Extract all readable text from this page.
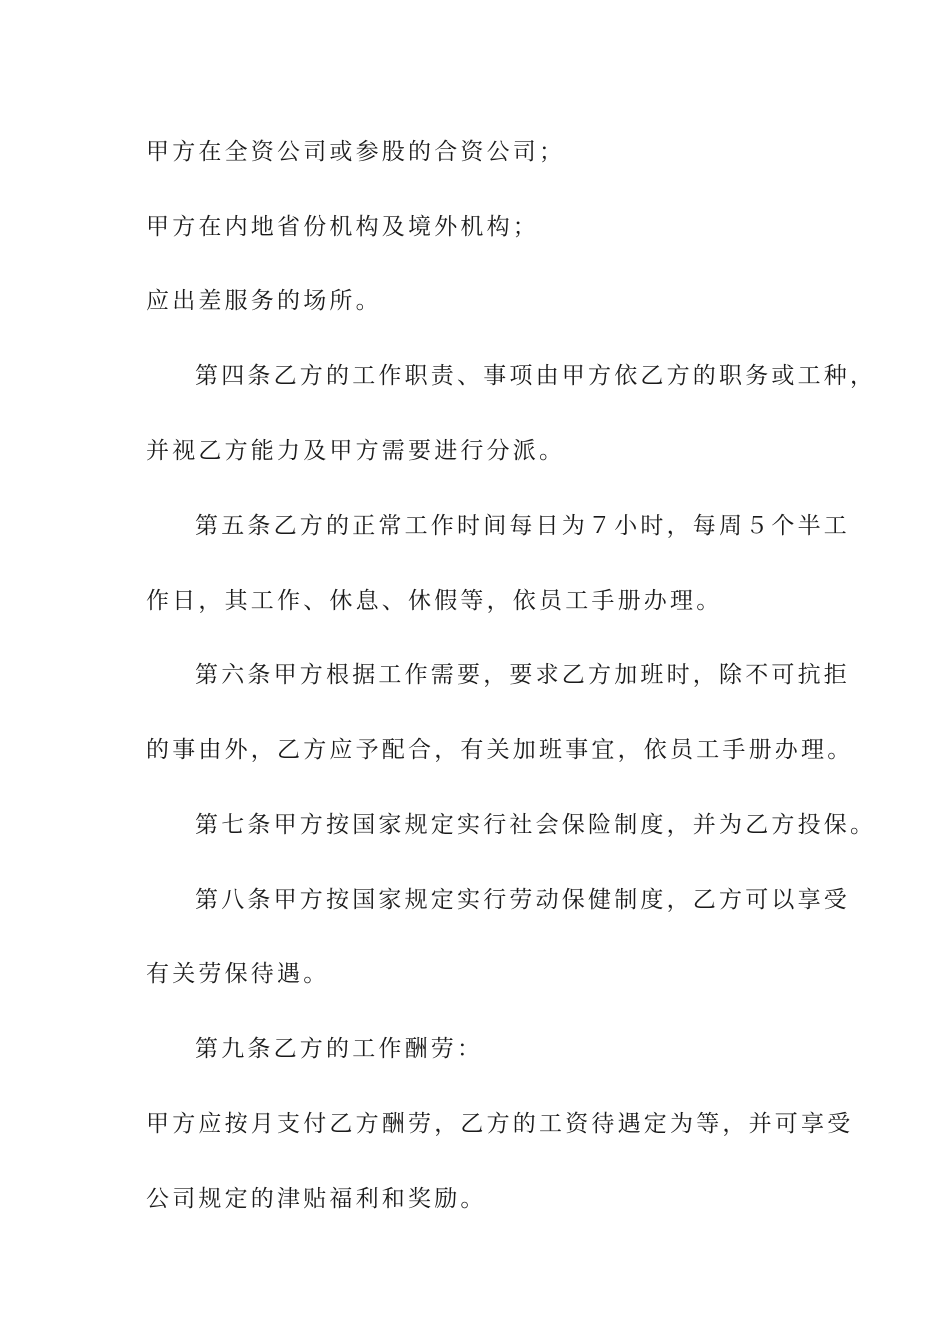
甲方在全资公司或参股的合资公司；
甲方在内地省份机构及境外机构；
应出差服务的场所。
第四条乙方的工作职责、事项由甲方依乙方的职务或工种，
并视乙方能力及甲方需要进行分派。
第五条乙方的正常工作时间每日为７小时，每周５个半工
作日，其工作、休息、休假等，依员工手册办理。
第六条甲方根据工作需要，要求乙方加班时，除不可抗拒
的事由外，乙方应予配合，有关加班事宜，依员工手册办理。
第七条甲方按国家规定实行社会保险制度，并为乙方投保。
第八条甲方按国家规定实行劳动保健制度，乙方可以享受
有关劳保待遇。
第九条乙方的工作酬劳：
甲方应按月支付乙方酬劳，乙方的工资待遇定为等，并可享受
公司规定的津贴福利和奖励。
